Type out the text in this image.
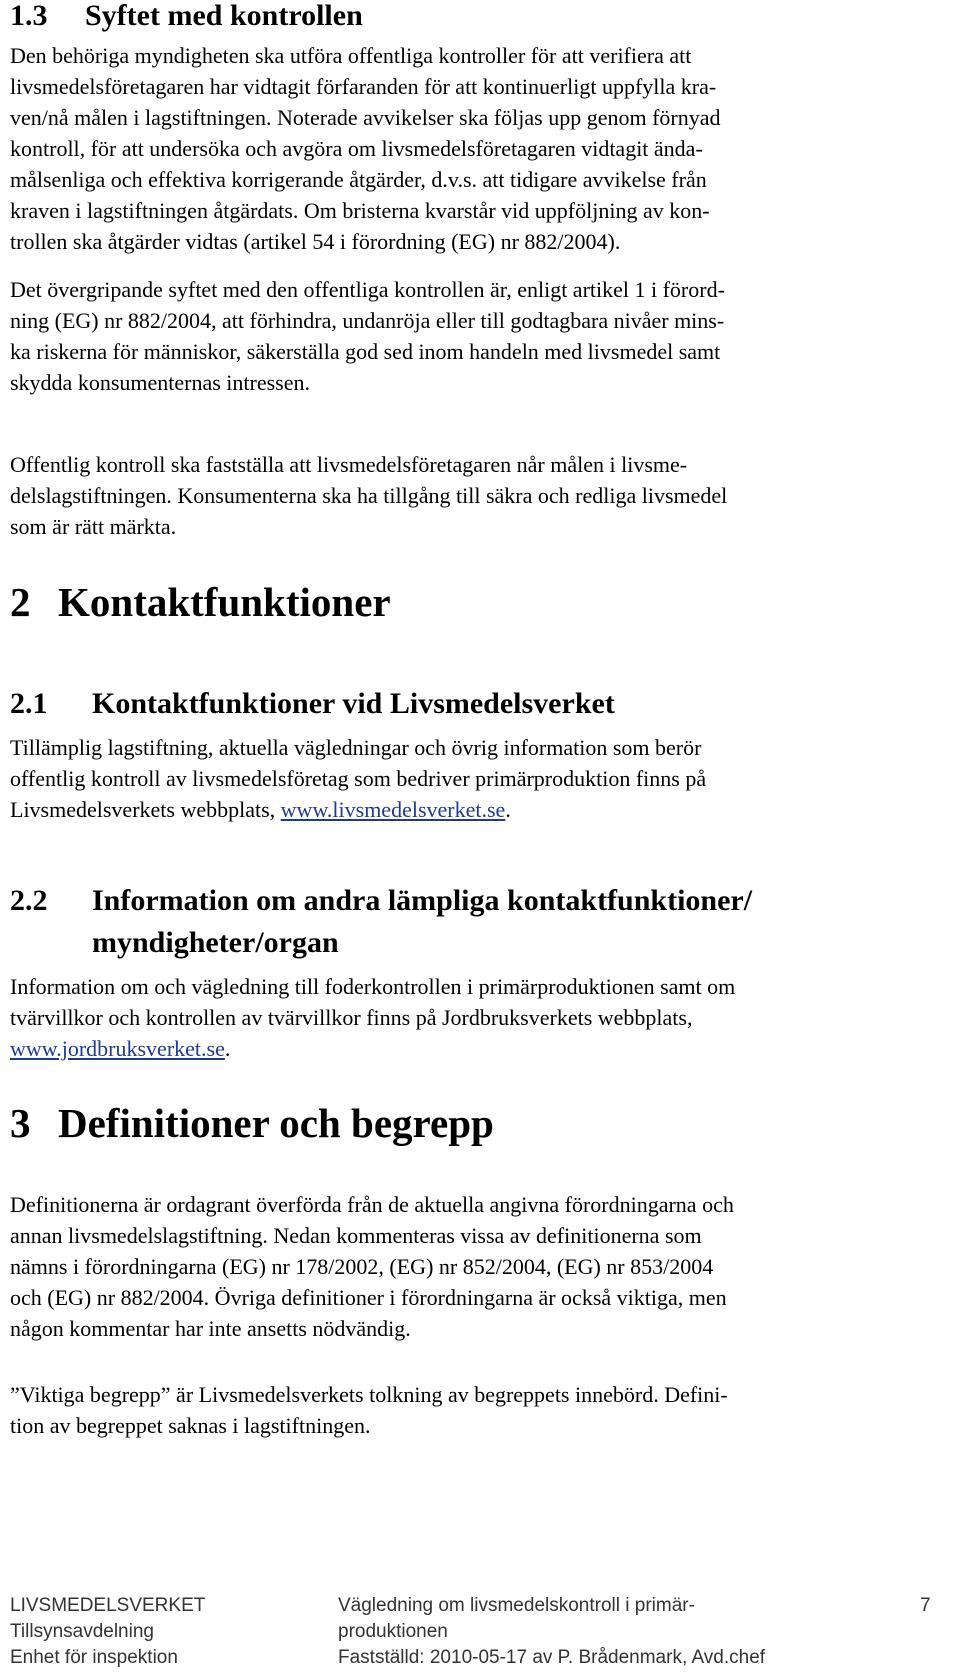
1.3 Syftet med kontrollen
Den behöriga myndigheten ska utföra offentliga kontroller för att verifiera att
livsmedelsföretagaren har vidtagit förfaranden för att kontinuerligt uppfylla kra-
ven/nå målen i lagstiftningen. Noterade avvikelser ska följas upp genom förnyad
kontroll, för att undersöka och avgöra om livsmedelsföretagaren vidtagit ända-
målsenliga och effektiva korrigerande åtgärder, d.v.s. att tidigare avvikelse från
kraven i lagstiftningen åtgärdats. Om bristerna kvarstår vid uppföljning av kon-
trollen ska åtgärder vidtas (artikel 54 i förordning (EG) nr 882/2004).
Det övergripande syftet med den offentliga kontrollen är, enligt artikel 1 i förord-
ning (EG) nr 882/2004, att förhindra, undanröja eller till godtagbara nivåer mins-
ka riskerna för människor, säkerställa god sed inom handeln med livsmedel samt
skydda konsumenternas intressen.
Offentlig kontroll ska fastställa att livsmedelsföretagaren når målen i livsme-
delslagstiftningen. Konsumenterna ska ha tillgång till säkra och redliga livsmedel
som är rätt märkta.
2 Kontaktfunktioner
2.1 Kontaktfunktioner vid Livsmedelsverket
Tillämplig lagstiftning, aktuella vägledningar och övrig information som berör
offentlig kontroll av livsmedelsföretag som bedriver primärproduktion finns på
Livsmedelsverkets webbplats, www.livsmedelsverket.se.
2.2 Information om andra lämpliga kontaktfunktioner/
myndigheter/organ
Information om och vägledning till foderkontrollen i primärproduktionen samt om
tvärvillkor och kontrollen av tvärvillkor finns på Jordbruksverkets webbplats,
www.jordbruksverket.se.
3 Definitioner och begrepp
Definitionerna är ordagrant överförda från de aktuella angivna förordningarna och
annan livsmedelslagstiftning. Nedan kommenteras vissa av definitionerna som
nämns i förordningarna (EG) nr 178/2002, (EG) nr 852/2004, (EG) nr 853/2004
och (EG) nr 882/2004. Övriga definitioner i förordningarna är också viktiga, men
någon kommentar har inte ansetts nödvändig.
”Viktiga begrepp” är Livsmedelsverkets tolkning av begreppets innebörd. Defini-
tion av begreppet saknas i lagstiftningen.
LIVSMEDELSVERKET
Tillsynsavdelning
Enhet för inspektion
Vägledning om livsmedelskontroll i primär-
produktionen
Fastställd: 2010-05-17 av P. Brådenmark, Avd.chef
7
